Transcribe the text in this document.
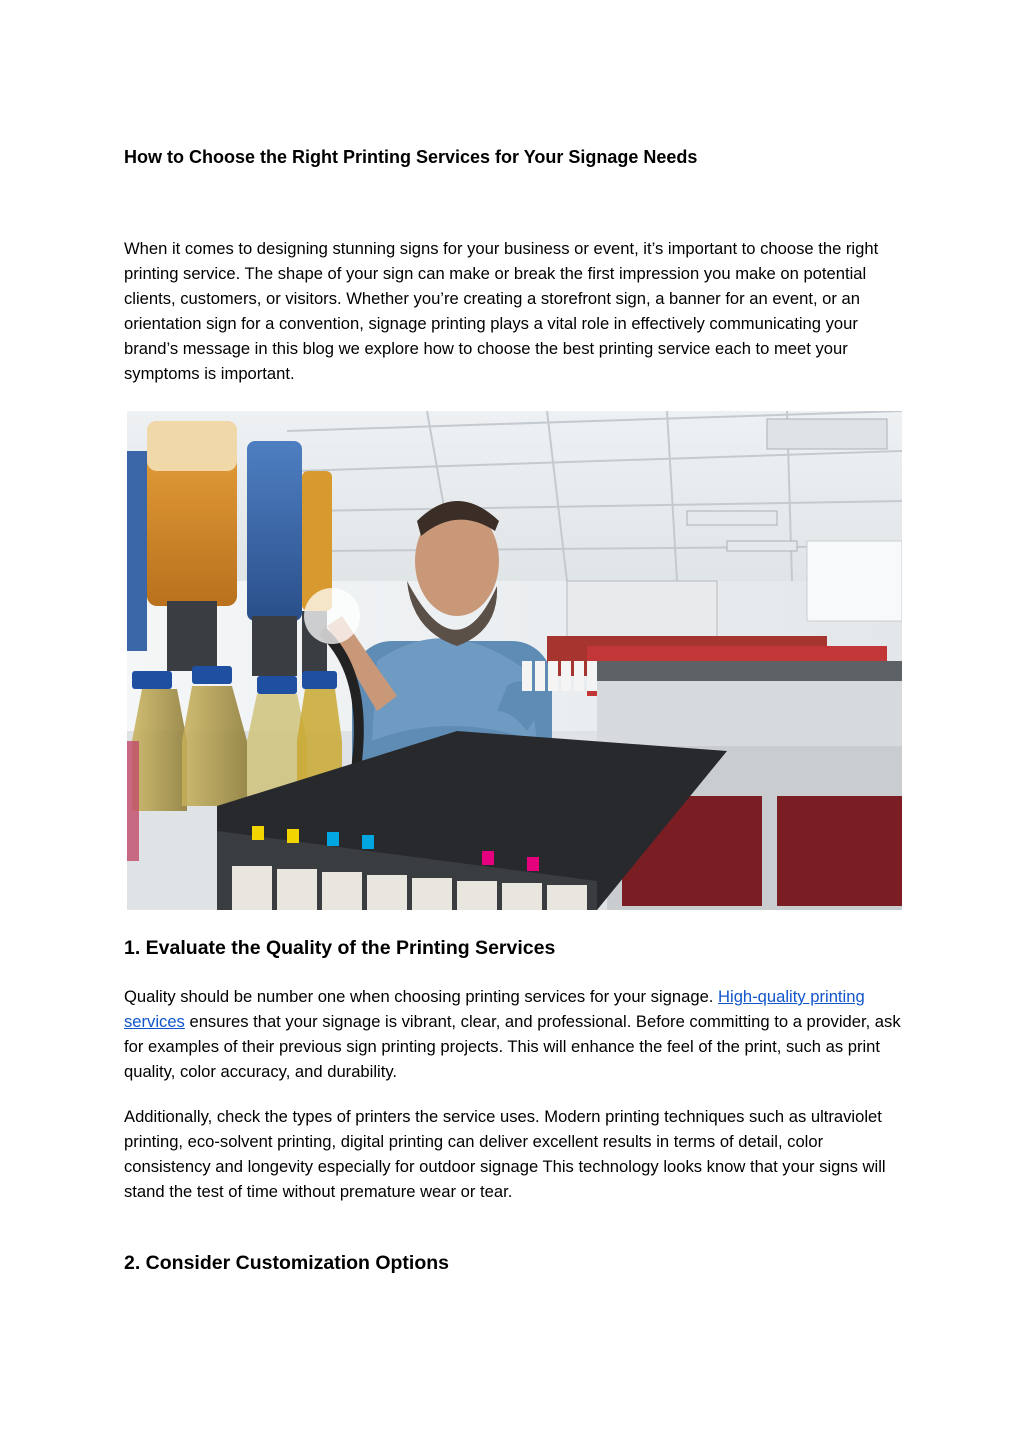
How to Choose the Right Printing Services for Your Signage Needs

When it comes to designing stunning signs for your business or event, it’s important to choose the right printing service. The shape of your sign can make or break the first impression you make on potential clients, customers, or visitors. Whether you’re creating a storefront sign, a banner for an event, or an orientation sign for a convention, signage printing plays a vital role in effectively communicating your brand’s message in this blog we explore how to choose the best printing service each to meet your symptoms is important.

1. Evaluate the Quality of the Printing Services

Quality should be number one when choosing printing services for your signage. High-quality printing services ensures that your signage is vibrant, clear, and professional. Before committing to a provider, ask for examples of their previous sign printing projects. This will enhance the feel of the print, such as print quality, color accuracy, and durability.

Additionally, check the types of printers the service uses. Modern printing techniques such as ultraviolet printing, eco-solvent printing, digital printing can deliver excellent results in terms of detail, color consistency and longevity especially for outdoor signage This technology looks know that your signs will stand the test of time without premature wear or tear.

2. Consider Customization Options
